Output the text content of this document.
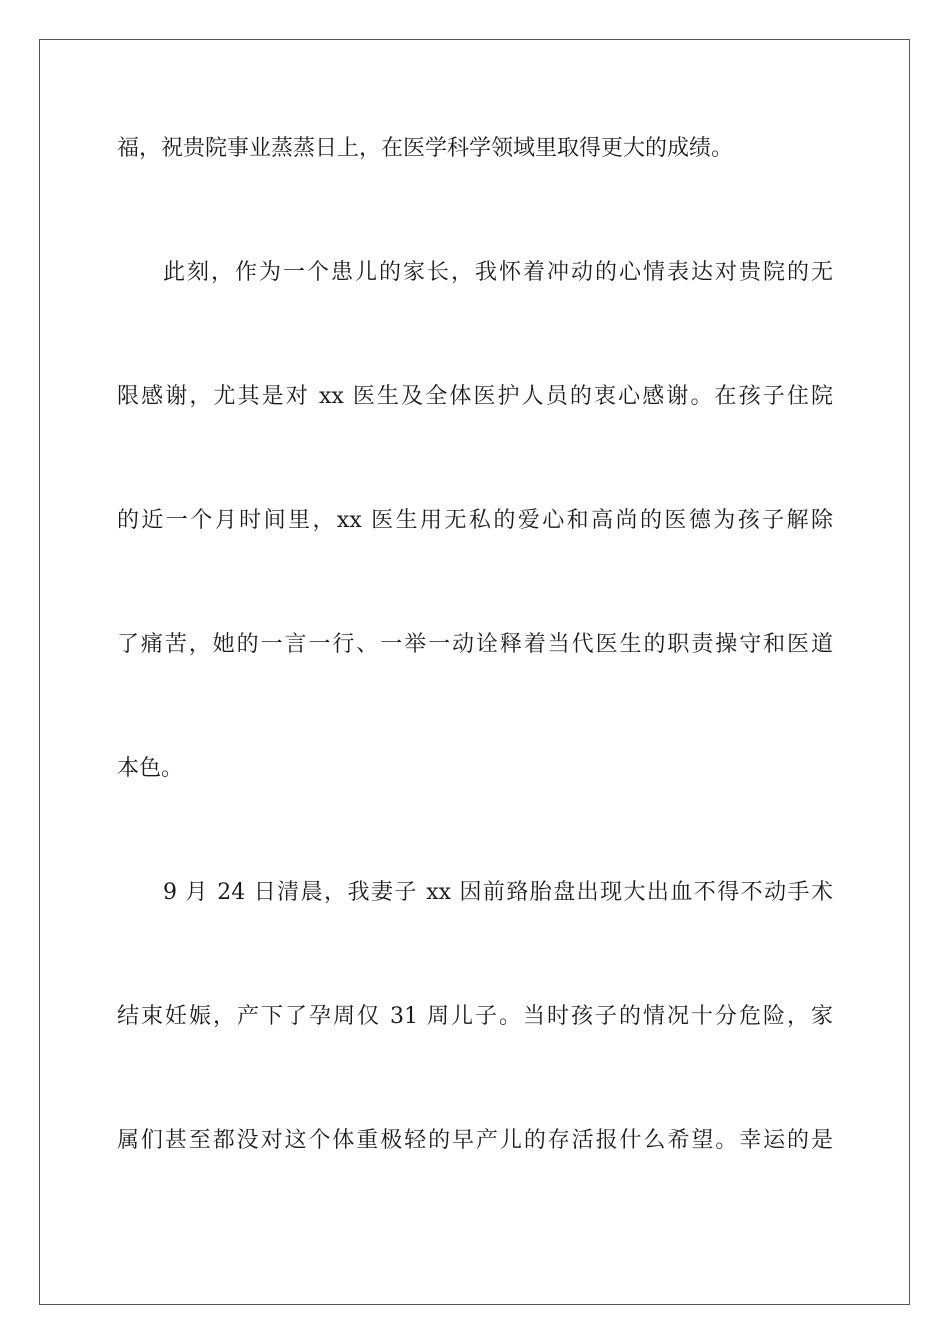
福，祝贵院事业蒸蒸日上，在医学科学领域里取得更大的成绩。
此刻，作为一个患儿的家长，我怀着冲动的心情表达对贵院的无
限感谢，尤其是对 xx 医生及全体医护人员的衷心感谢。在孩子住院
的近一个月时间里，xx 医生用无私的爱心和高尚的医德为孩子解除
了痛苦，她的一言一行、一举一动诠释着当代医生的职责操守和医道
本色。
9 月 24 日清晨，我妻子 xx 因前臵胎盘出现大出血不得不动手术
结束妊娠，产下了孕周仅 31 周儿子。当时孩子的情况十分危险，家
属们甚至都没对这个体重极轻的早产儿的存活报什么希望。幸运的是
